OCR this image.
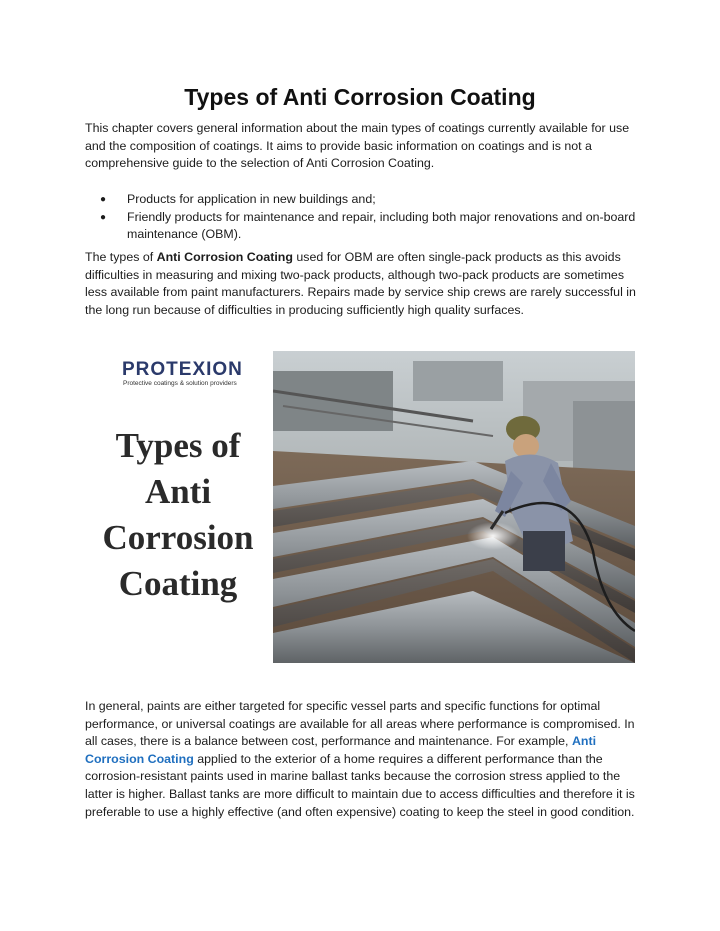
Types of Anti Corrosion Coating
This chapter covers general information about the main types of coatings currently available for use and the composition of coatings. It aims to provide basic information on coatings and is not a comprehensive guide to the selection of Anti Corrosion Coating.
● Products for application in new buildings and;
● Friendly products for maintenance and repair, including both major renovations and on-board maintenance (OBM).
The types of Anti Corrosion Coating used for OBM are often single-pack products as this avoids difficulties in measuring and mixing two-pack products, although two-pack products are sometimes less available from paint manufacturers. Repairs made by service ship crews are rarely successful in the long run because of difficulties in producing sufficiently high quality surfaces.
PROTEXION
Protective coatings & solution providers
Types of
Anti
Corrosion
Coating
In general, paints are either targeted for specific vessel parts and specific functions for optimal performance, or universal coatings are available for all areas where performance is compromised. In all cases, there is a balance between cost, performance and maintenance. For example, Anti Corrosion Coating applied to the exterior of a home requires a different performance than the corrosion-resistant paints used in marine ballast tanks because the corrosion stress applied to the latter is higher. Ballast tanks are more difficult to maintain due to access difficulties and therefore it is preferable to use a highly effective (and often expensive) coating to keep the steel in good condition.
